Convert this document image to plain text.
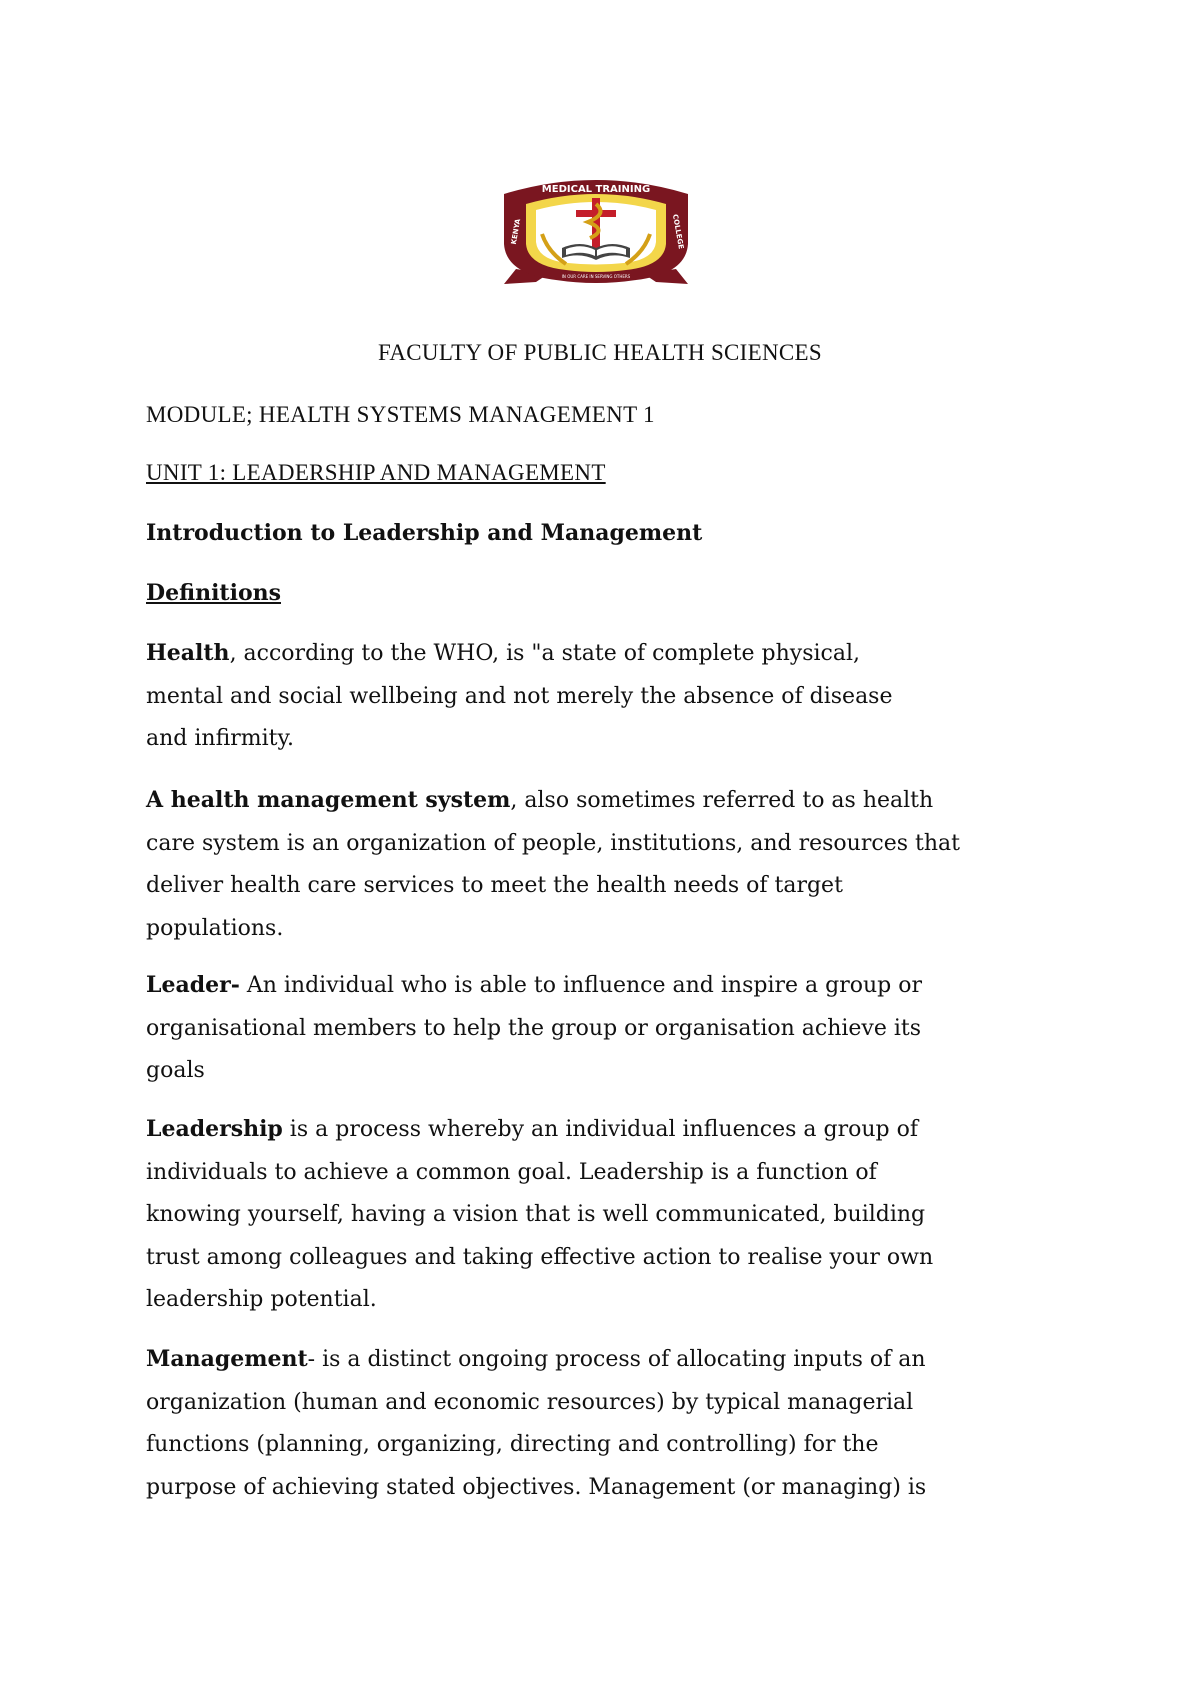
MEDICAL TRAINING
KENYA	COLLEGE
IN OUR CARE IN SERVING OTHERS
FACULTY OF PUBLIC HEALTH SCIENCES
MODULE; HEALTH SYSTEMS MANAGEMENT 1
UNIT 1: LEADERSHIP AND MANAGEMENT
Introduction to Leadership and Management
Definitions

Health, according to the WHO, is "a state of complete physical,
mental and social wellbeing and not merely the absence of disease
and infirmity.

A health management system, also sometimes referred to as health
care system is an organization of people, institutions, and resources that
deliver health care services to meet the health needs of target
populations.

Leader- An individual who is able to influence and inspire a group or
organisational members to help the group or organisation achieve its
goals

Leadership is a process whereby an individual influences a group of
individuals to achieve a common goal. Leadership is a function of
knowing yourself, having a vision that is well communicated, building
trust among colleagues and taking effective action to realise your own
leadership potential.

Management- is a distinct ongoing process of allocating inputs of an
organization (human and economic resources) by typical managerial
functions (planning, organizing, directing and controlling) for the
purpose of achieving stated objectives. Management (or managing) is
